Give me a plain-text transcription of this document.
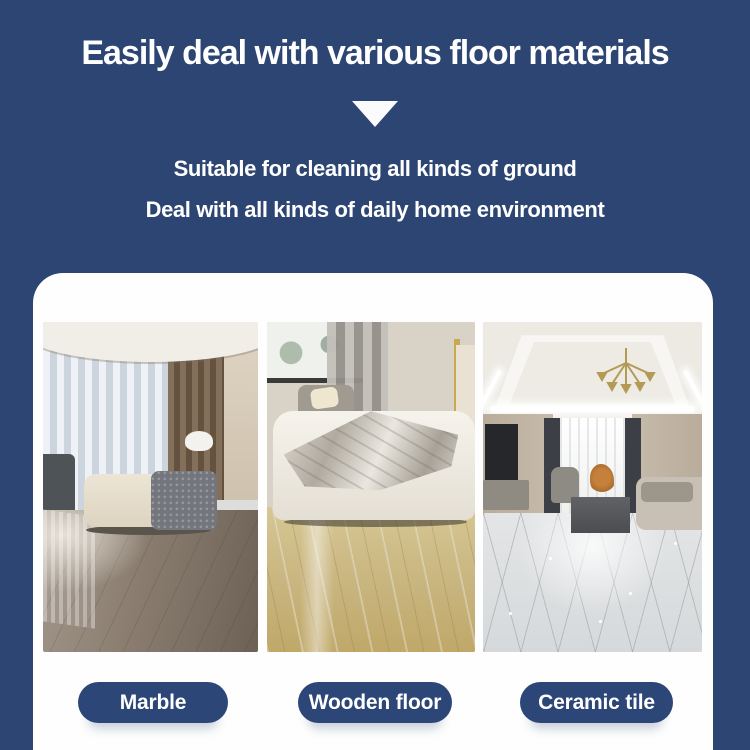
Easily deal with various floor materials
Suitable for cleaning all kinds of ground
Deal with all kinds of daily home environment
Marble	Wooden floor	Ceramic tile
